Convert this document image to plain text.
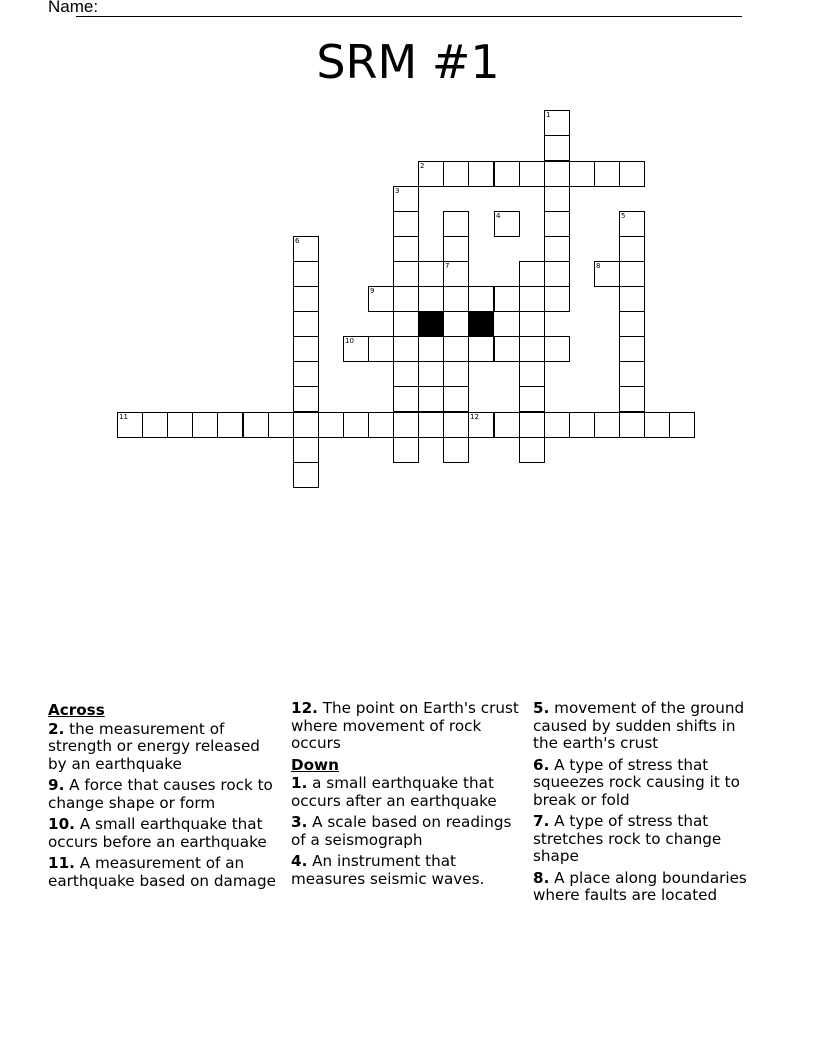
Name:
SRM #1
1
2
3
7
5
6
9
10
11	12
4
8
Across
2. the measurement of strength or energy released by an earthquake
9. A force that causes rock to change shape or form
10. A small earthquake that occurs before an earthquake
11. A measurement of an earthquake based on damage
12. The point on Earth's crust where movement of rock occurs
Down
1. a small earthquake that occurs after an earthquake
3. A scale based on readings of a seismograph
4. An instrument that measures seismic waves.
5. movement of the ground caused by sudden shifts in the earth's crust
6. A type of stress that squeezes rock causing it to break or fold
7. A type of stress that stretches rock to change shape
8. A place along boundaries where faults are located
